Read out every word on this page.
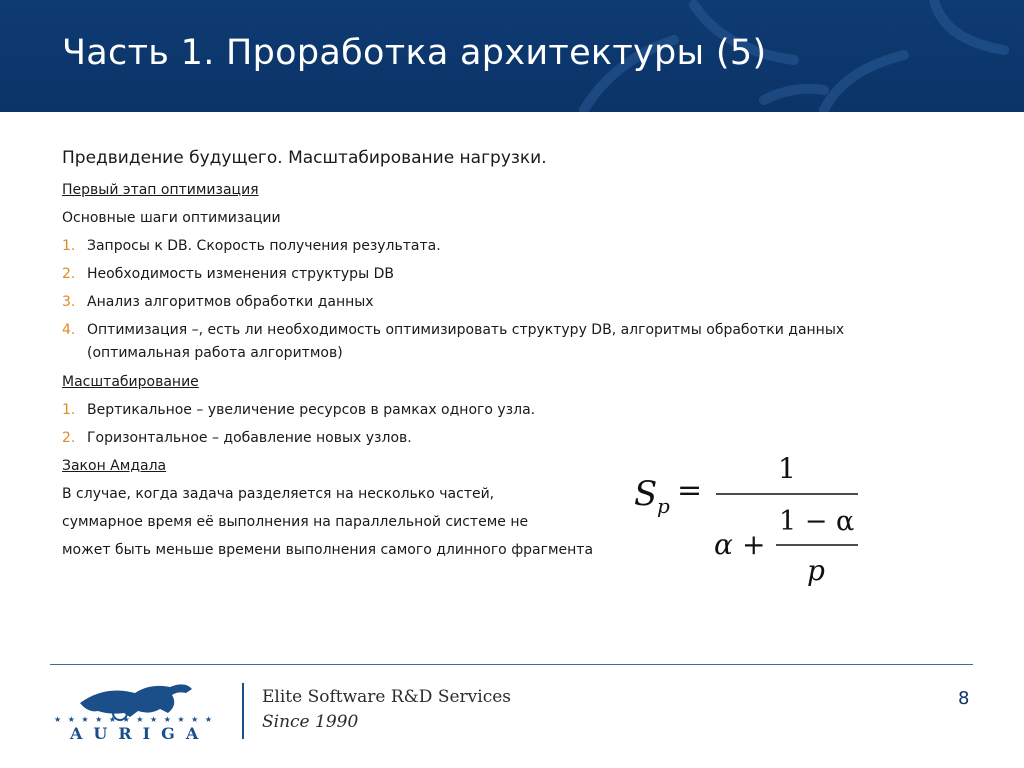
Часть 1. Проработка архитектуры (5)

Предвидение будущего. Масштабирование нагрузки.

Первый этап оптимизация
Основные шаги оптимизации
1. Запросы к DB. Скорость получения результата.
2. Необходимость изменения структуры DB
3. Анализ алгоритмов обработки данных
4. Оптимизация –, есть ли необходимость оптимизировать структуру DB, алгоритмы обработки данных
(оптимальная работа алгоритмов)
Масштабирование
1. Вертикальное – увеличение ресурсов в рамках одного узла.
2. Горизонтальное – добавление новых узлов.
Закон Амдала
В случае, когда задача разделяется на несколько частей,
суммарное время её выполнения на параллельной системе не
может быть меньше времени выполнения самого длинного фрагмента
S p =
1
α +
1 − α
p
★ ★ ★ ★ ★ ★ ★ ★ ★ ★ ★ ★
AURIGA
Elite Software R&D Services
Since 1990
8
